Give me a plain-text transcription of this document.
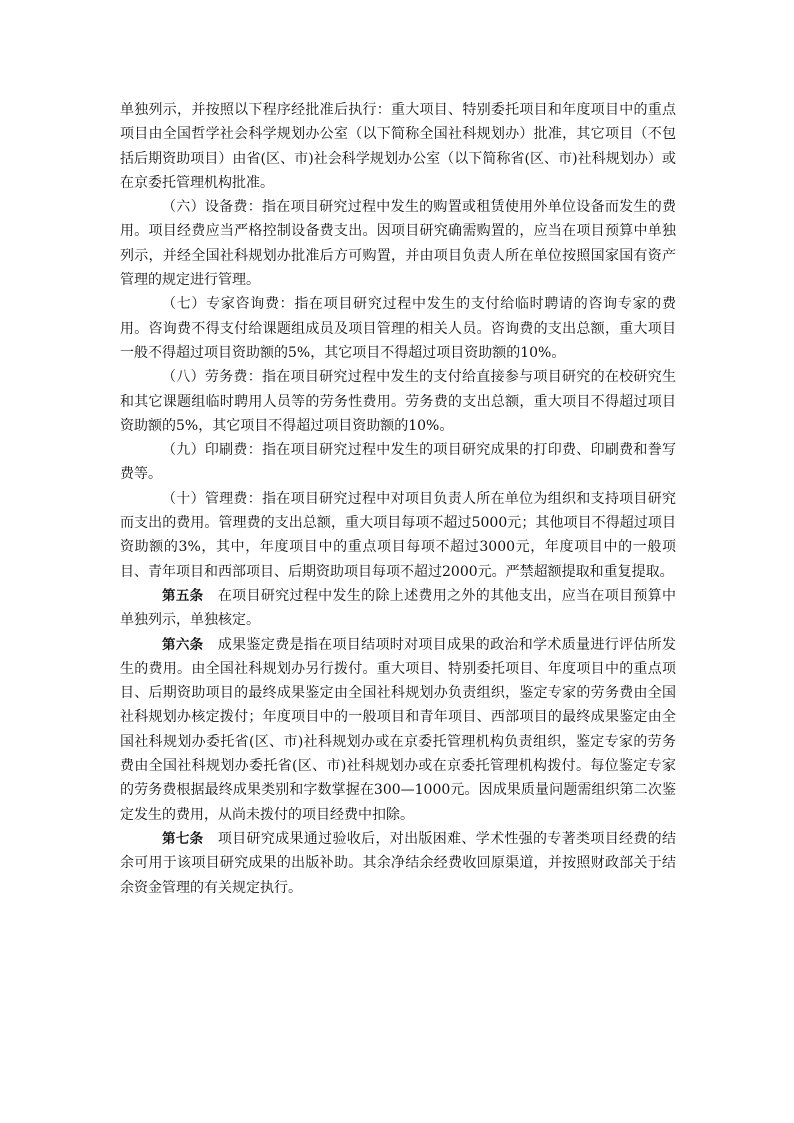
单独列示，并按照以下程序经批准后执行：重大项目、特别委托项目和年度项目中的重点项目由全国哲学社会科学规划办公室（以下简称全国社科规划办）批准，其它项目（不包括后期资助项目）由省(区、市)社会科学规划办公室（以下简称省(区、市)社科规划办）或在京委托管理机构批准。

（六）设备费：指在项目研究过程中发生的购置或租赁使用外单位设备而发生的费用。项目经费应当严格控制设备费支出。因项目研究确需购置的，应当在项目预算中单独列示，并经全国社科规划办批准后方可购置，并由项目负责人所在单位按照国家国有资产管理的规定进行管理。

（七）专家咨询费：指在项目研究过程中发生的支付给临时聘请的咨询专家的费用。咨询费不得支付给课题组成员及项目管理的相关人员。咨询费的支出总额，重大项目一般不得超过项目资助额的5%，其它项目不得超过项目资助额的10%。

（八）劳务费：指在项目研究过程中发生的支付给直接参与项目研究的在校研究生和其它课题组临时聘用人员等的劳务性费用。劳务费的支出总额，重大项目不得超过项目资助额的5%，其它项目不得超过项目资助额的10%。

（九）印刷费：指在项目研究过程中发生的项目研究成果的打印费、印刷费和誊写费等。

（十）管理费：指在项目研究过程中对项目负责人所在单位为组织和支持项目研究而支出的费用。管理费的支出总额，重大项目每项不超过5000元；其他项目不得超过项目资助额的3%，其中，年度项目中的重点项目每项不超过3000元，年度项目中的一般项目、青年项目和西部项目、后期资助项目每项不超过2000元。严禁超额提取和重复提取。

第五条 在项目研究过程中发生的除上述费用之外的其他支出，应当在项目预算中单独列示，单独核定。

第六条 成果鉴定费是指在项目结项时对项目成果的政治和学术质量进行评估所发生的费用。由全国社科规划办另行拨付。重大项目、特别委托项目、年度项目中的重点项目、后期资助项目的最终成果鉴定由全国社科规划办负责组织，鉴定专家的劳务费由全国社科规划办核定拨付；年度项目中的一般项目和青年项目、西部项目的最终成果鉴定由全国社科规划办委托省(区、市)社科规划办或在京委托管理机构负责组织，鉴定专家的劳务费由全国社科规划办委托省(区、市)社科规划办或在京委托管理机构拨付。每位鉴定专家的劳务费根据最终成果类别和字数掌握在300—1000元。因成果质量问题需组织第二次鉴定发生的费用，从尚未拨付的项目经费中扣除。

第七条 项目研究成果通过验收后，对出版困难、学术性强的专著类项目经费的结余可用于该项目研究成果的出版补助。其余净结余经费收回原渠道，并按照财政部关于结余资金管理的有关规定执行。
